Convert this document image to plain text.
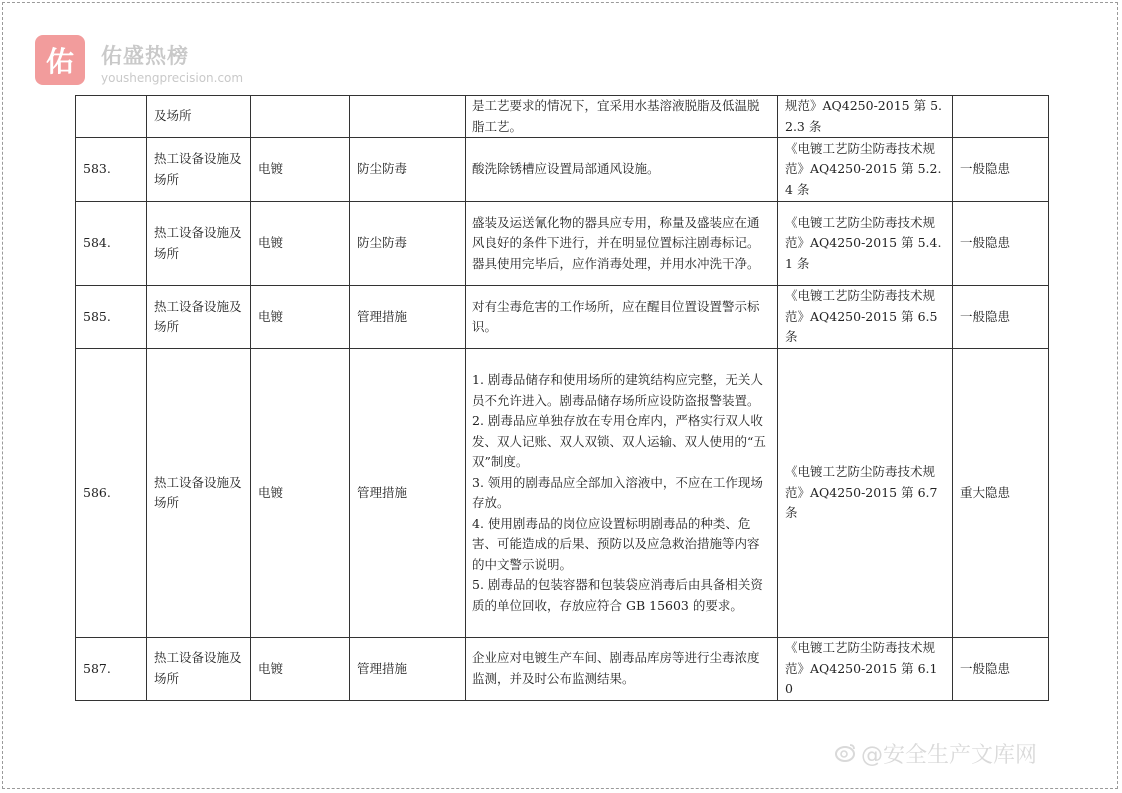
佑 佑盛热榜
youshengprecision.com
	及场所			是工艺要求的情况下，宜采用水基溶液脱脂及低温脱脂工艺。	规范》AQ4250-2015 第 5.2.3 条	
583.	热工设备设施及场所	电镀	防尘防毒	酸洗除锈槽应设置局部通风设施。	《电镀工艺防尘防毒技术规范》AQ4250-2015 第 5.2.4 条	一般隐患
584.	热工设备设施及场所	电镀	防尘防毒	盛装及运送氰化物的器具应专用，称量及盛装应在通风良好的条件下进行，并在明显位置标注剧毒标记。器具使用完毕后，应作消毒处理，并用水冲洗干净。	《电镀工艺防尘防毒技术规范》AQ4250-2015 第 5.4.1 条	一般隐患
585.	热工设备设施及场所	电镀	管理措施	对有尘毒危害的工作场所，应在醒目位置设置警示标识。	《电镀工艺防尘防毒技术规范》AQ4250-2015 第 6.5 条	一般隐患
586.	热工设备设施及场所	电镀	管理措施	1. 剧毒品储存和使用场所的建筑结构应完整，无关人员不允许进入。剧毒品储存场所应设防盗报警装置。
2. 剧毒品应单独存放在专用仓库内，严格实行双人收发、双人记账、双人双锁、双人运输、双人使用的“五双”制度。
3. 领用的剧毒品应全部加入溶液中，不应在工作现场存放。
4. 使用剧毒品的岗位应设置标明剧毒品的种类、危害、可能造成的后果、预防以及应急救治措施等内容的中文警示说明。
5. 剧毒品的包装容器和包装袋应消毒后由具备相关资质的单位回收，存放应符合 GB 15603 的要求。	《电镀工艺防尘防毒技术规范》AQ4250-2015 第 6.7 条	重大隐患
587.	热工设备设施及场所	电镀	管理措施	企业应对电镀生产车间、剧毒品库房等进行尘毒浓度监测，并及时公布监测结果。	《电镀工艺防尘防毒技术规范》AQ4250-2015 第 6.10	一般隐患
@安全生产文库网
